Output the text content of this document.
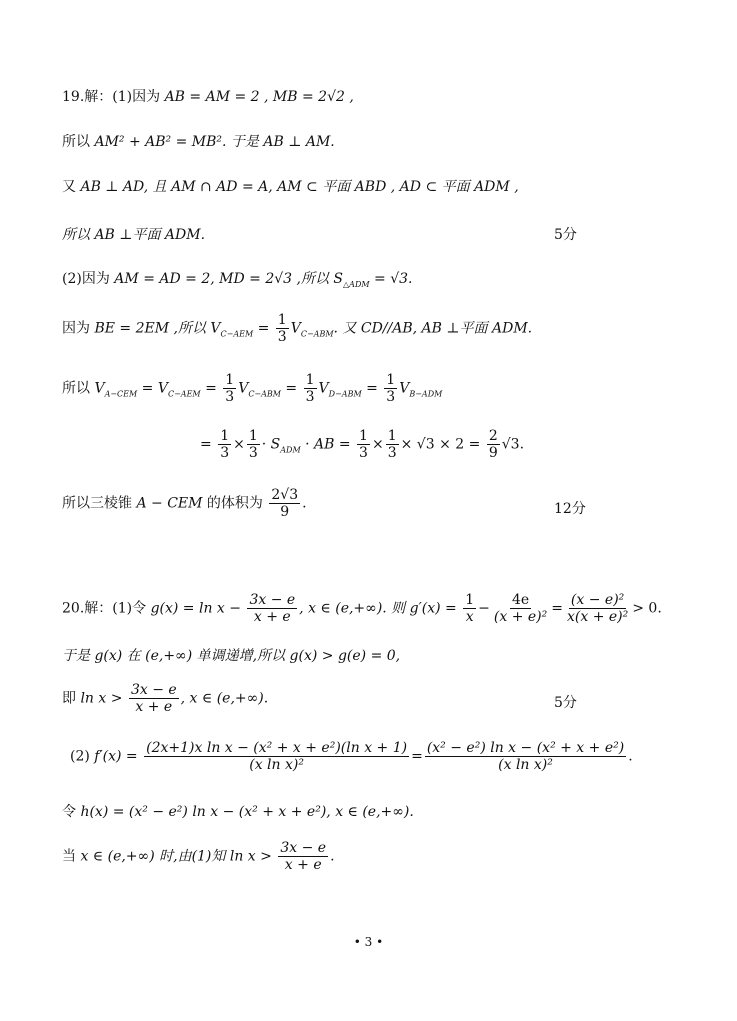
19.解：(1)因为 AB = AM = 2 , MB = 2√2 ,
所以 AM² + AB² = MB². 于是 AB ⊥ AM.
又 AB ⊥ AD, 且 AM ∩ AD = A, AM ⊂ 平面 ABD , AD ⊂ 平面 ADM ,
所以 AB ⊥平面 ADM.	5分
(2)因为 AM = AD = 2, MD = 2√3 ,所以 $S_{\triangle ADM} = √3$.
因为 BE = 2EM ,所以 $V_{C-AEM} = \frac{1}{3} V_{C-ABM}$. 又 CD//AB, AB ⊥平面 ADM.
所以 $V_{A-CEM} = V_{C-AEM} = \frac{1}{3} V_{C-ABM} = \frac{1}{3} V_{D-ABM} = \frac{1}{3} V_{B-ADM}$
= $\frac{1}{3} \times \frac{1}{3} \cdot S_{ADM}$ · AB = $\frac{1}{3} \times \frac{1}{3} \times √3 \times 2 = \frac{2}{9} √3$.
所以三棱锥 A − CEM 的体积为 $\frac{2√3}{9}$ .	12分
20.解：(1)令 $g(x) = \ln x - \frac{3x - e}{x + e}$ , x ∈ (e,+∞). 则 $g'(x) = \frac{1}{x} - \frac{4e}{\text{(x + e)²}} = \frac{\text{(x − e)²}}{\text{x(x + e)²}} > 0$.
于是 g(x) 在 (e,+∞) 单调递增,所以 g(x) > g(e) = 0,
即 $\ln x > \frac{3x - e}{x + e}$ , x ∈ (e,+∞).	5分
(2) $f'(x) = \frac{\text{(2x+1)x ln x − (x² + x + e²)(ln x + 1)}}{\text{(x ln x)²}} = \frac{\text{(x² − e²) ln x − (x² + x + e²)}}{\text{(x ln x)²}}$ .
令 h(x) = (x² − e²) ln x − (x² + x + e²), x ∈ (e,+∞).
当 x ∈ (e,+∞) 时,由(1)知 $\ln x > \frac{3x - e}{x + e}$ .
• 3 •
